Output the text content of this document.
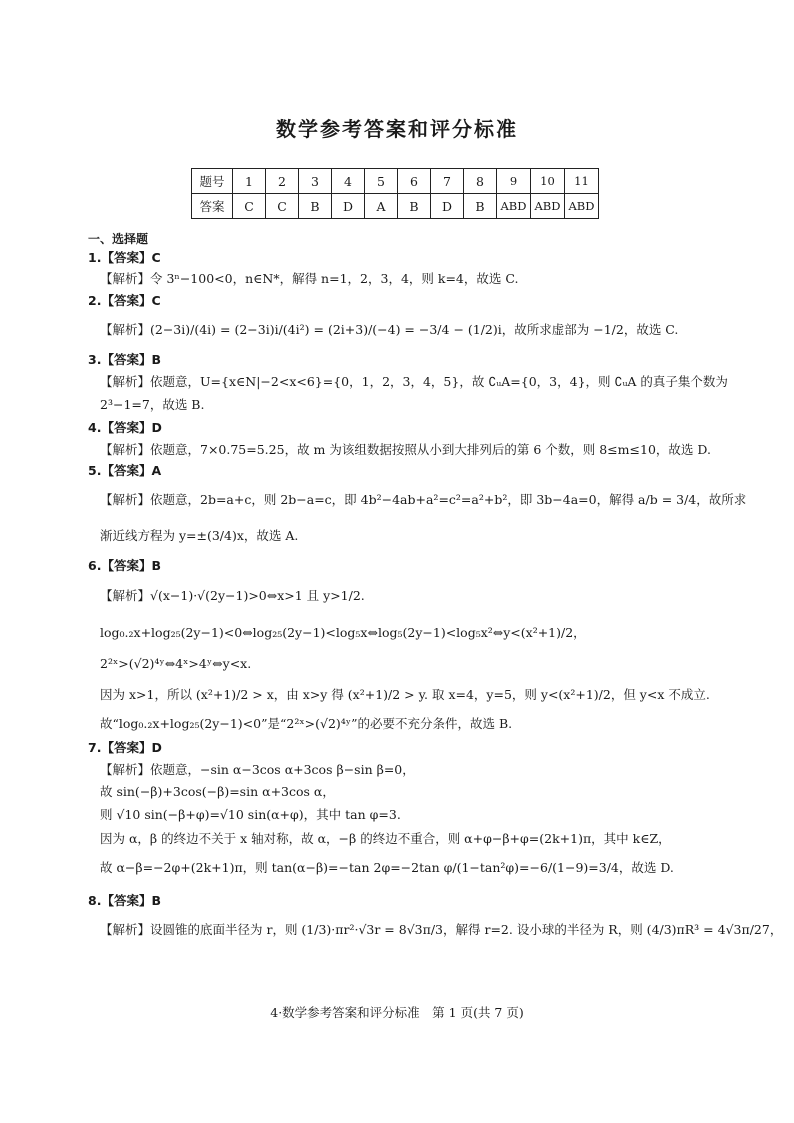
数学参考答案和评分标准
题号	1	2	3	4	5	6	7	8	9	10	11
答案	C	C	B	D	A	B	D	B	ABD	ABD	ABD
一、选择题
1.【答案】C
【解析】令 3ⁿ−100<0，n∈N*，解得 n=1，2，3，4，则 k=4，故选 C.
2.【答案】C
【解析】(2−3i)/(4i) = (2−3i)i/(4i²) = (2i+3)/(−4) = −3/4 − (1/2)i，故所求虚部为 −1/2，故选 C.
3.【答案】B
【解析】依题意，U={x∈N|−2<x<6}={0，1，2，3，4，5}，故 ∁ᵤA={0，3，4}，则 ∁ᵤA 的真子集个数为
2³−1=7，故选 B.
4.【答案】D
【解析】依题意，7×0.75=5.25，故 m 为该组数据按照从小到大排列后的第 6 个数，则 8≤m≤10，故选 D.
5.【答案】A
【解析】依题意，2b=a+c，则 2b−a=c，即 4b²−4ab+a²=c²=a²+b²，即 3b−4a=0，解得 a/b = 3/4，故所求
渐近线方程为 y=±(3/4)x，故选 A.
6.【答案】B
【解析】√(x−1)·√(2y−1)>0⇔x>1 且 y>1/2.
log₀.₂x+log₂₅(2y−1)<0⇔log₂₅(2y−1)<log₅x⇔log₅(2y−1)<log₅x²⇔y<(x²+1)/2，
2²ˣ>(√2)⁴ʸ⇔4ˣ>4ʸ⇔y<x.
因为 x>1，所以 (x²+1)/2 > x，由 x>y 得 (x²+1)/2 > y. 取 x=4，y=5，则 y<(x²+1)/2，但 y<x 不成立.
故“log₀.₂x+log₂₅(2y−1)<0”是“2²ˣ>(√2)⁴ʸ”的必要不充分条件，故选 B.
7.【答案】D
【解析】依题意，−sin α−3cos α+3cos β−sin β=0，
故 sin(−β)+3cos(−β)=sin α+3cos α，
则 √10 sin(−β+φ)=√10 sin(α+φ)，其中 tan φ=3.
因为 α，β 的终边不关于 x 轴对称，故 α，−β 的终边不重合，则 α+φ−β+φ=(2k+1)π，其中 k∈Z，
故 α−β=−2φ+(2k+1)π，则 tan(α−β)=−tan 2φ=−2tan φ/(1−tan²φ)=−6/(1−9)=3/4，故选 D.
8.【答案】B
【解析】设圆锥的底面半径为 r，则 (1/3)·πr²·√3r = 8√3π/3，解得 r=2. 设小球的半径为 R，则 (4/3)πR³ = 4√3π/27，
4·数学参考答案和评分标准　第 1 页(共 7 页)
